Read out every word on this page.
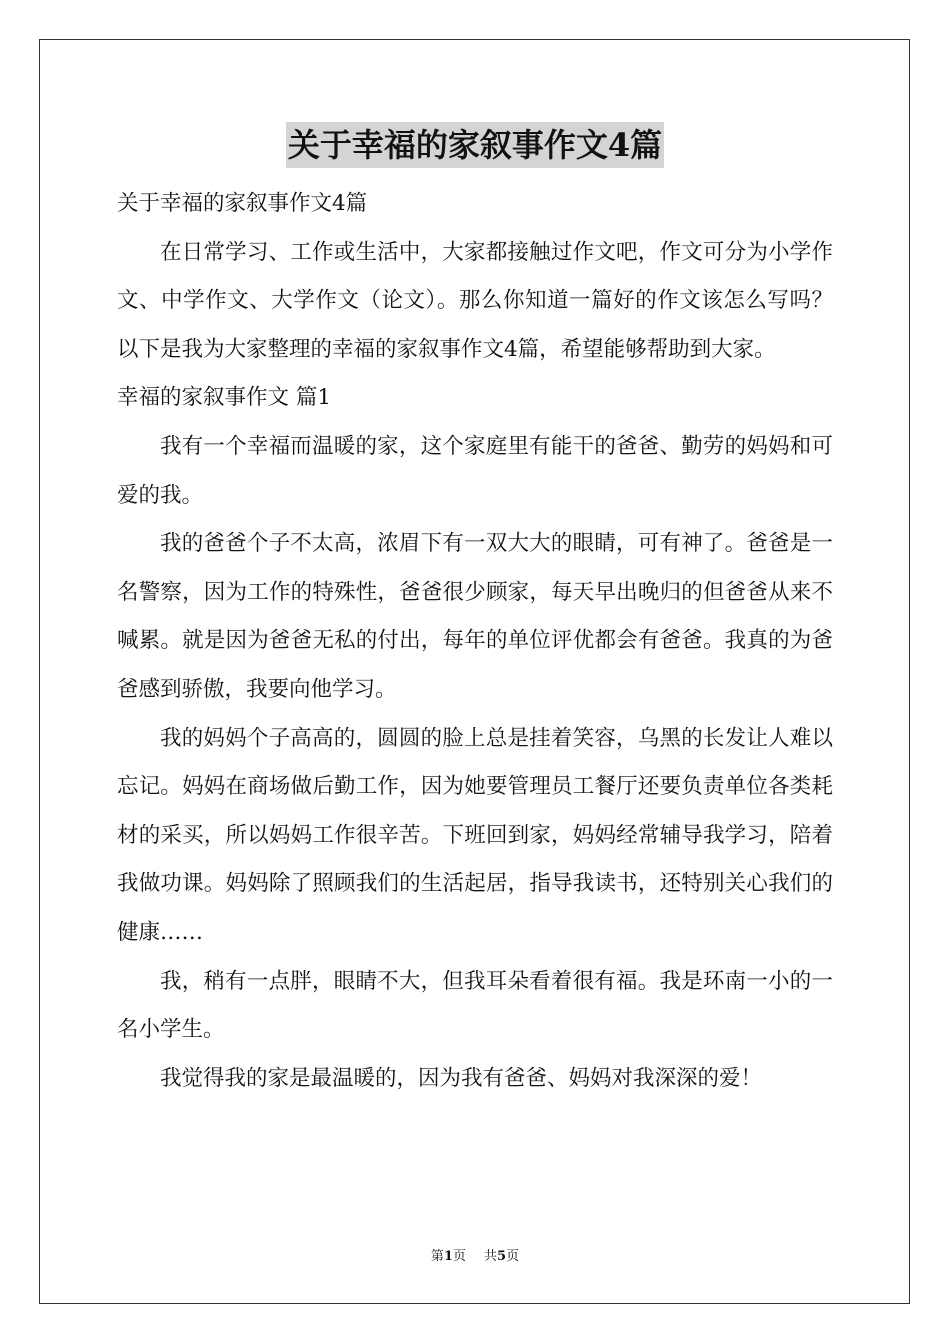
关于幸福的家叙事作文4篇

关于幸福的家叙事作文4篇

在日常学习、工作或生活中，大家都接触过作文吧，作文可分为小学作文、中学作文、大学作文（论文）。那么你知道一篇好的作文该怎么写吗？以下是我为大家整理的幸福的家叙事作文4篇，希望能够帮助到大家。

幸福的家叙事作文 篇1

我有一个幸福而温暖的家，这个家庭里有能干的爸爸、勤劳的妈妈和可爱的我。

我的爸爸个子不太高，浓眉下有一双大大的眼睛，可有神了。爸爸是一名警察，因为工作的特殊性，爸爸很少顾家，每天早出晚归的但爸爸从来不喊累。就是因为爸爸无私的付出，每年的单位评优都会有爸爸。我真的为爸爸感到骄傲，我要向他学习。

我的妈妈个子高高的，圆圆的脸上总是挂着笑容，乌黑的长发让人难以忘记。妈妈在商场做后勤工作，因为她要管理员工餐厅还要负责单位各类耗材的采买，所以妈妈工作很辛苦。下班回到家，妈妈经常辅导我学习，陪着我做功课。妈妈除了照顾我们的生活起居，指导我读书，还特别关心我们的健康……

我，稍有一点胖，眼睛不大，但我耳朵看着很有福。我是环南一小的一名小学生。

我觉得我的家是最温暖的，因为我有爸爸、妈妈对我深深的爱！

第1页 共5页
